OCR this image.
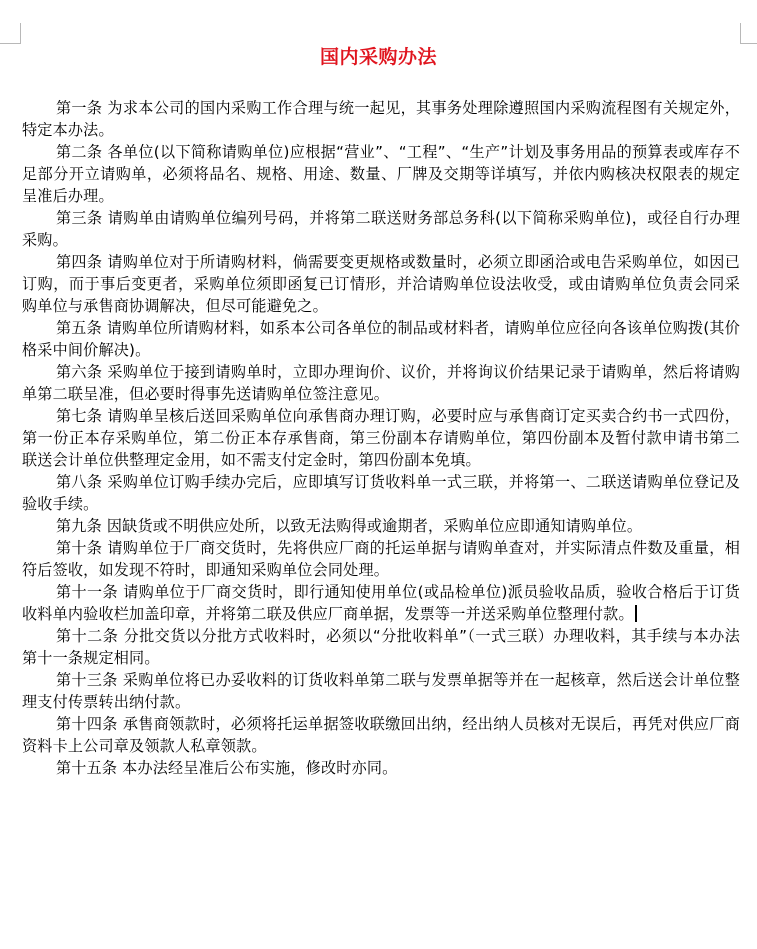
国内采购办法

第一条 为求本公司的国内采购工作合理与统一起见，其事务处理除遵照国内采购流程图有关规定外，特定本办法。

第二条 各单位(以下简称请购单位)应根据“营业”、“工程”、“生产”计划及事务用品的预算表或库存不足部分开立请购单，必须将品名、规格、用途、数量、厂牌及交期等详填写，并依内购核决权限表的规定呈准后办理。

第三条 请购单由请购单位编列号码，并将第二联送财务部总务科(以下简称采购单位)，或径自行办理采购。

第四条 请购单位对于所请购材料，倘需要变更规格或数量时，必须立即函洽或电告采购单位，如因已订购，而于事后变更者，采购单位须即函复已订情形，并洽请购单位设法收受，或由请购单位负责会同采购单位与承售商协调解决，但尽可能避免之。

第五条 请购单位所请购材料，如系本公司各单位的制品或材料者，请购单位应径向各该单位购拨(其价格采中间价解决)。

第六条 采购单位于接到请购单时，立即办理询价、议价，并将询议价结果记录于请购单，然后将请购单第二联呈准，但必要时得事先送请购单位签注意见。

第七条 请购单呈核后送回采购单位向承售商办理订购，必要时应与承售商订定买卖合约书一式四份，第一份正本存采购单位，第二份正本存承售商，第三份副本存请购单位，第四份副本及暂付款申请书第二联送会计单位供整理定金用，如不需支付定金时，第四份副本免填。

第八条 采购单位订购手续办完后，应即填写订货收料单一式三联，并将第一、二联送请购单位登记及验收手续。

第九条 因缺货或不明供应处所，以致无法购得或逾期者，采购单位应即通知请购单位。

第十条 请购单位于厂商交货时，先将供应厂商的托运单据与请购单查对，并实际清点件数及重量，相符后签收，如发现不符时，即通知采购单位会同处理。

第十一条 请购单位于厂商交货时，即行通知使用单位(或品检单位)派员验收品质，验收合格后于订货收料单内验收栏加盖印章，并将第二联及供应厂商单据，发票等一并送采购单位整理付款。

第十二条 分批交货以分批方式收料时，必须以“分批收料单”（一式三联）办理收料，其手续与本办法第十一条规定相同。

第十三条 采购单位将已办妥收料的订货收料单第二联与发票单据等并在一起核章，然后送会计单位整理支付传票转出纳付款。

第十四条 承售商领款时，必须将托运单据签收联缴回出纳，经出纳人员核对无误后，再凭对供应厂商资料卡上公司章及领款人私章领款。

第十五条 本办法经呈准后公布实施，修改时亦同。
